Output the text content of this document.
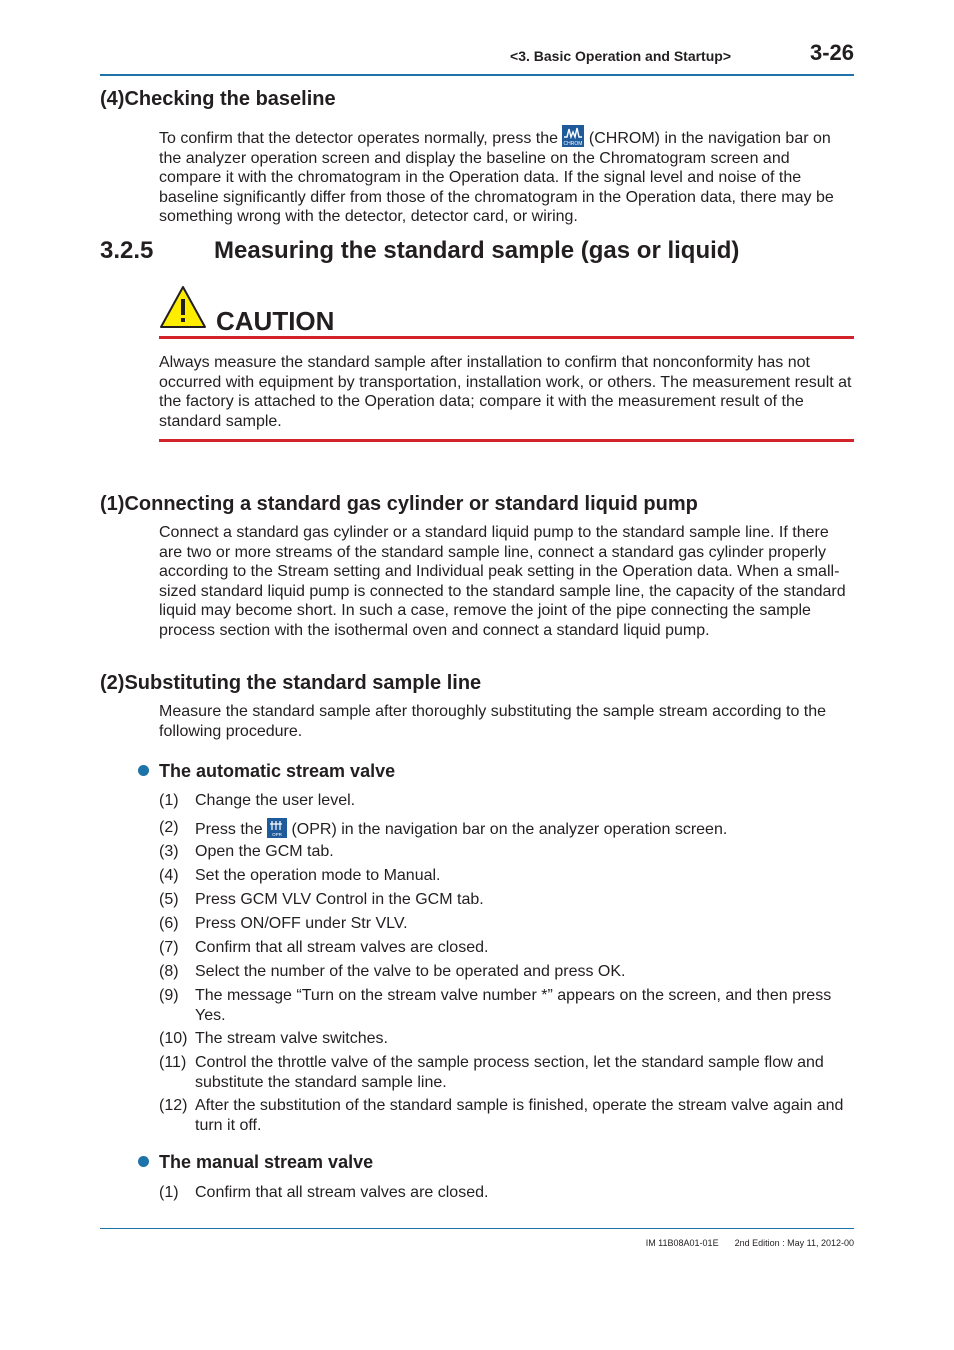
<3. Basic Operation and Startup>	3-26
(4)Checking the baseline
To confirm that the detector operates normally, press the CHROM (CHROM) in the navigation bar on the analyzer operation screen and display the baseline on the Chromatogram screen and compare it with the chromatogram in the Operation data. If the signal level and noise of the baseline significantly differ from those of the chromatogram in the Operation data, there may be something wrong with the detector, detector card, or wiring.
3.2.5	Measuring the standard sample (gas or liquid)
CAUTION
Always measure the standard sample after installation to confirm that nonconformity has not occurred with equipment by transportation, installation work, or others. The measurement result at the factory is attached to the Operation data; compare it with the measurement result of the standard sample.
(1)Connecting a standard gas cylinder or standard liquid pump
Connect a standard gas cylinder or a standard liquid pump to the standard sample line. If there are two or more streams of the standard sample line, connect a standard gas cylinder properly according to the Stream setting and Individual peak setting in the Operation data. When a small-sized standard liquid pump is connected to the standard sample line, the capacity of the standard liquid may become short. In such a case, remove the joint of the pipe connecting the sample process section with the isothermal oven and connect a standard liquid pump.
(2)Substituting the standard sample line
Measure the standard sample after thoroughly substituting the sample stream according to the following procedure.
The automatic stream valve
(1) Change the user level.
(2) Press the OPR (OPR) in the navigation bar on the analyzer operation screen.
(3) Open the GCM tab.
(4) Set the operation mode to Manual.
(5) Press GCM VLV Control in the GCM tab.
(6) Press ON/OFF under Str VLV.
(7) Confirm that all stream valves are closed.
(8) Select the number of the valve to be operated and press OK.
(9) The message “Turn on the stream valve number *” appears on the screen, and then press Yes.
(10) The stream valve switches.
(11) Control the throttle valve of the sample process section, let the standard sample flow and substitute the standard sample line.
(12) After the substitution of the standard sample is finished, operate the stream valve again and turn it off.
The manual stream valve
(1) Confirm that all stream valves are closed.
IM 11B08A01-01E 2nd Edition : May 11, 2012-00
